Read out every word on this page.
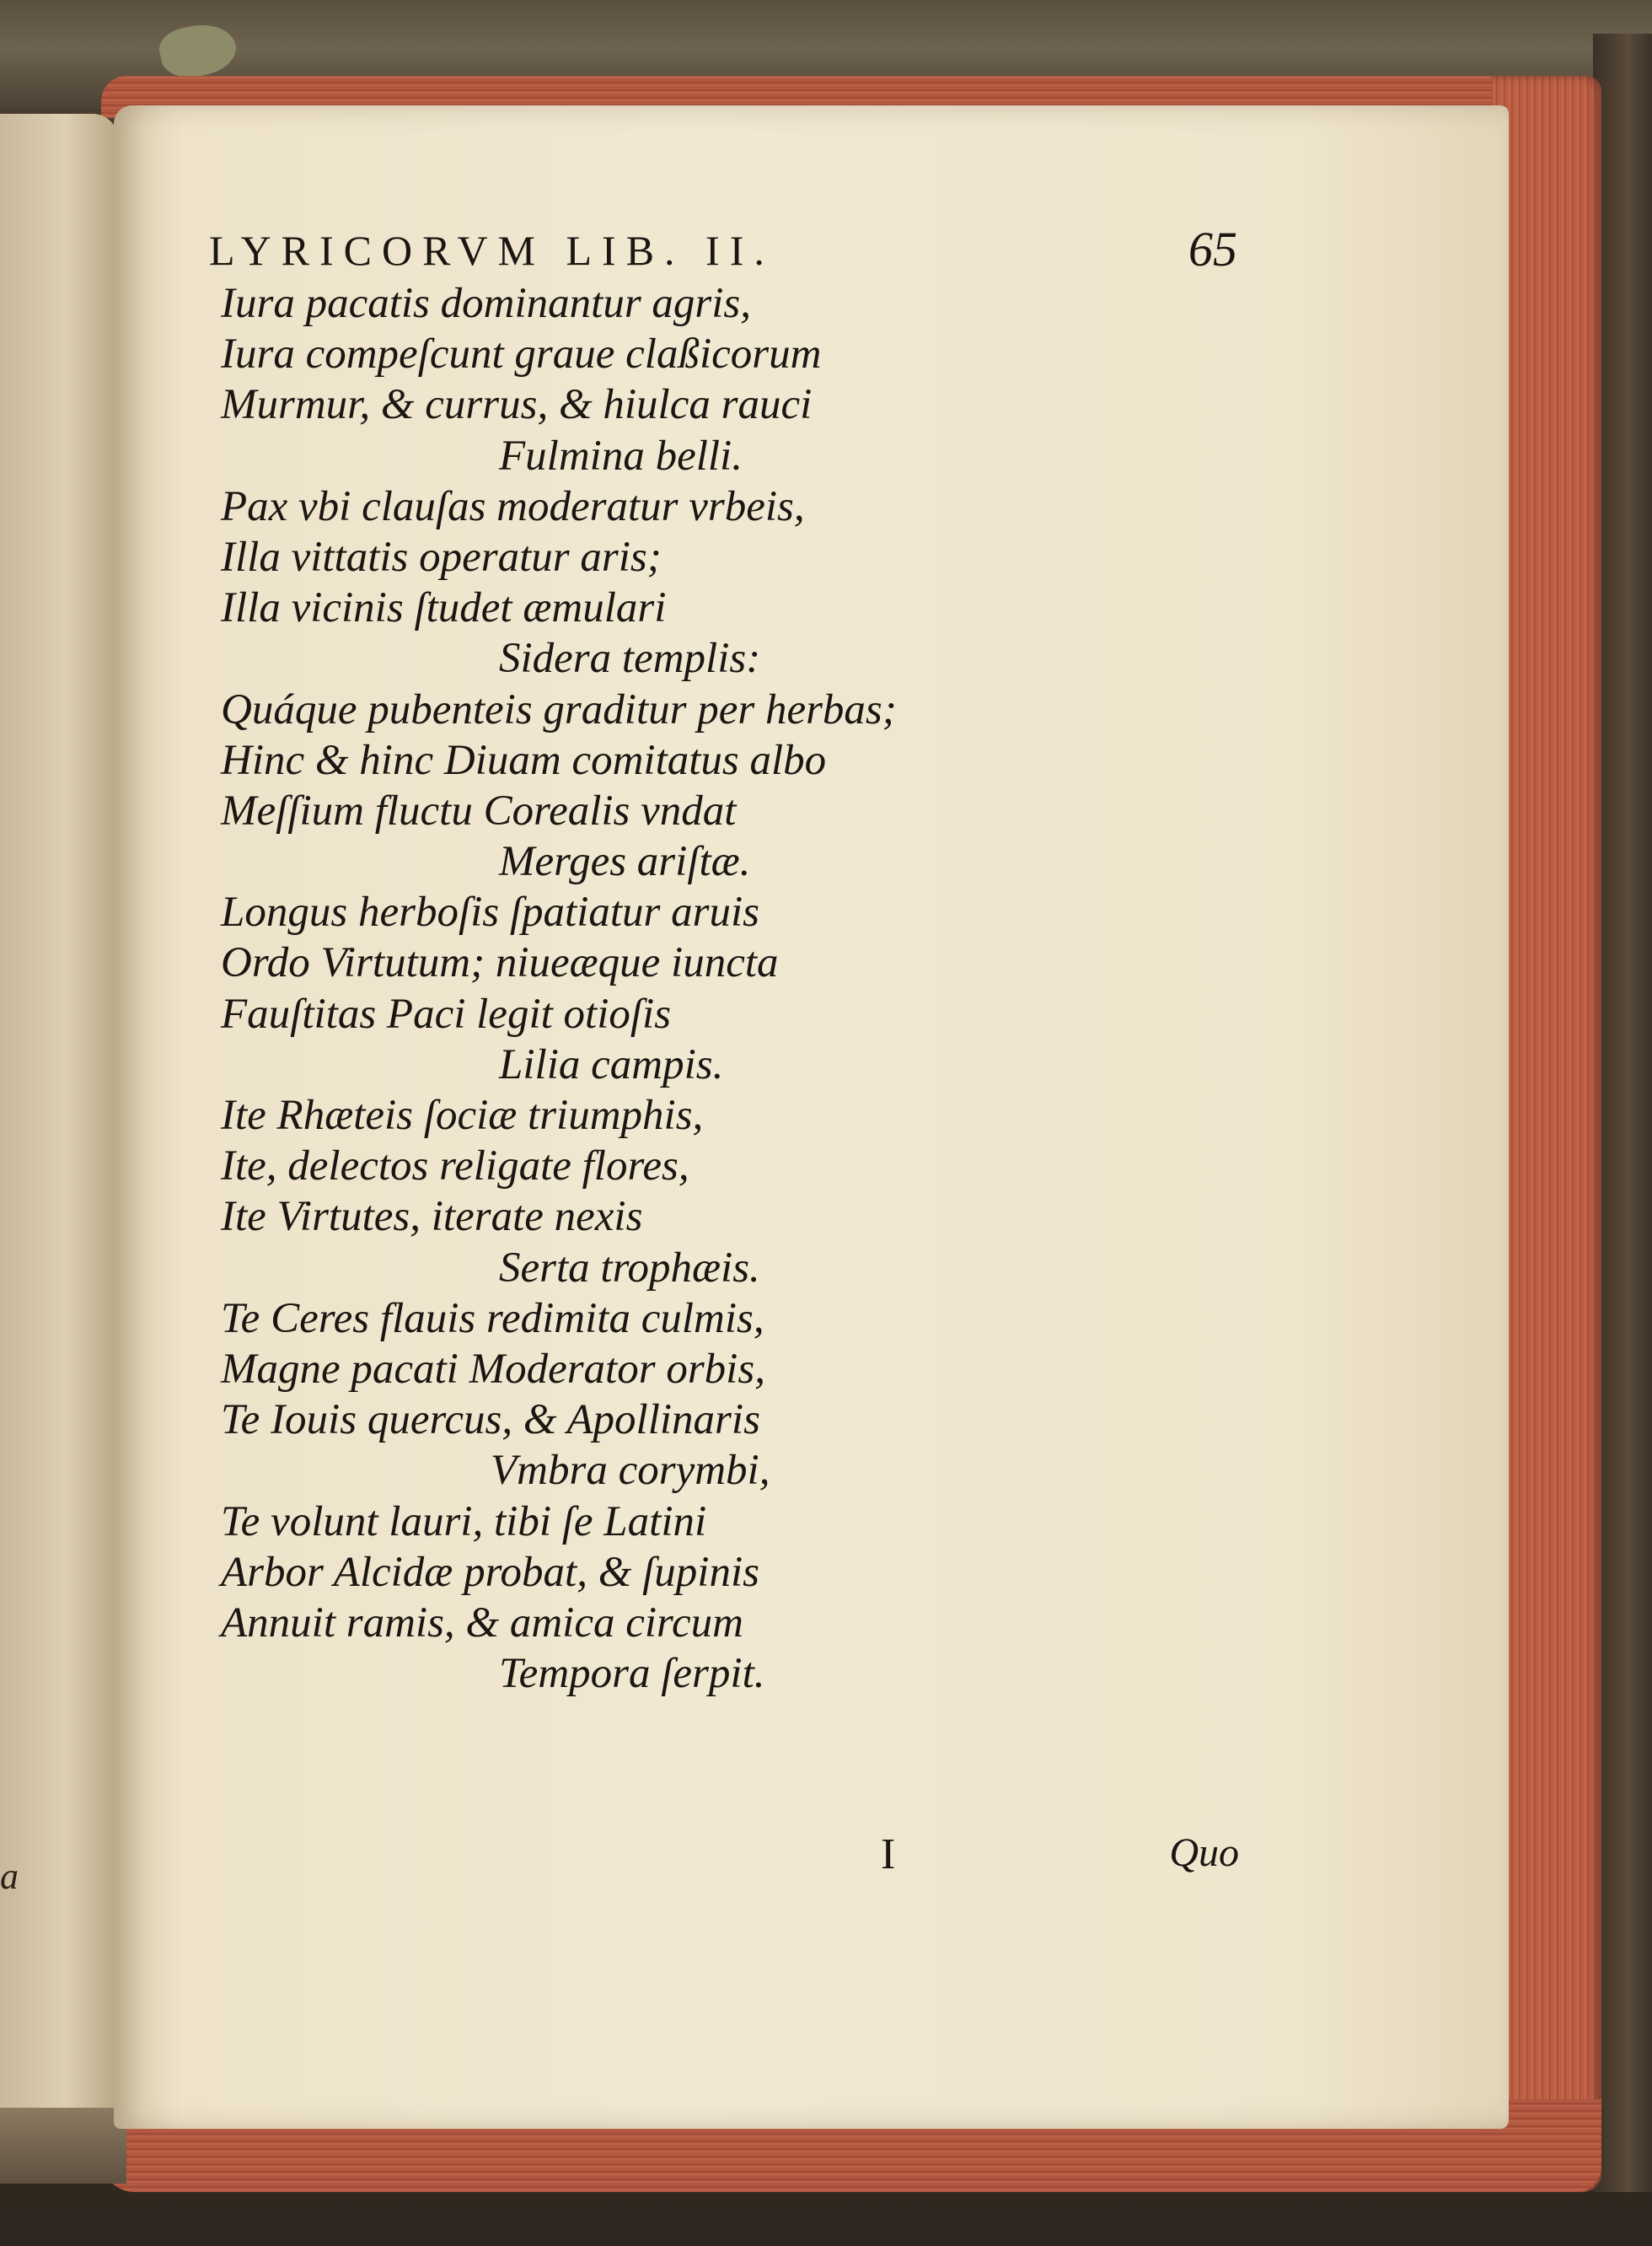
a
LYRICORVM LIB. II.	65
Iura pacatis dominantur agris,
Iura compeſcunt graue claßicorum
Murmur, & currus, & hiulca rauci
Fulmina belli.
Pax vbi clauſas moderatur vrbeis,
Illa vittatis operatur aris;
Illa vicinis ſtudet æmulari
Sidera templis:
Quáque pubenteis graditur per herbas;
Hinc & hinc Diuam comitatus albo
Meſſium fluctu Corealis vndat
Merges ariſtæ.
Longus herboſis ſpatiatur aruis
Ordo Virtutum; niueæque iuncta
Fauſtitas Paci legit otioſis
Lilia campis.
Ite Rhæteis ſociæ triumphis,
Ite, delectos religate flores,
Ite Virtutes, iterate nexis
Serta trophæis.
Te Ceres flauis redimita culmis,
Magne pacati Moderator orbis,
Te Iouis quercus, & Apollinaris
Vmbra corymbi,
Te volunt lauri, tibi ſe Latini
Arbor Alcidæ probat, & ſupinis
Annuit ramis, & amica circum
Tempora ſerpit.
I	Quo
